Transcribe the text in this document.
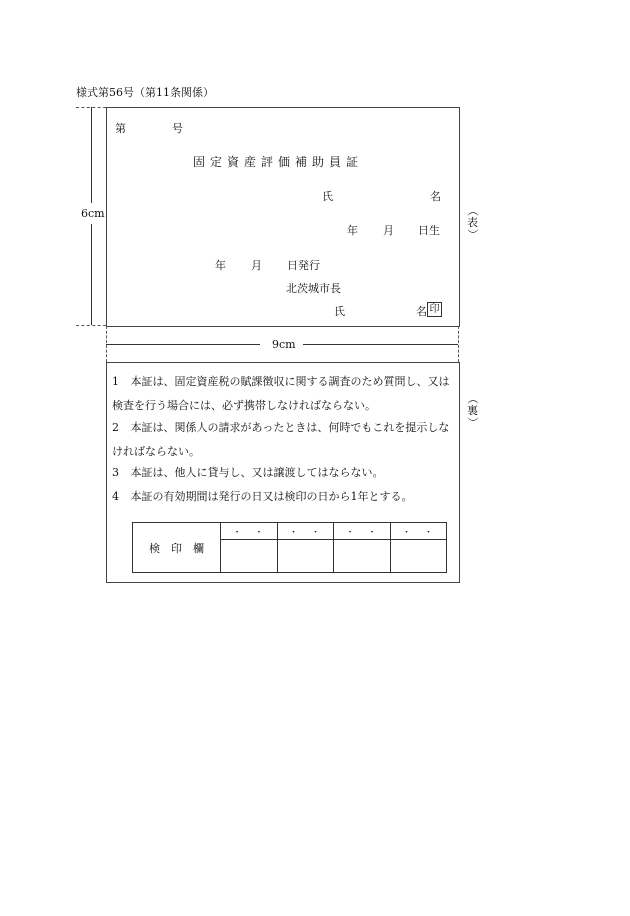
様式第56号（第11条関係）
6cm
第	号
固定資産評価補助員証
氏	名
年 月 日生
年 月 日発行
北茨城市長
氏	名 印
（
表
）
9cm
1 本証は、固定資産税の賦課徴収に関する調査のため質問し、又は検査を行う場合には、必ず携帯しなければならない。
2 本証は、関係人の請求があったときは、何時でもこれを提示しなければならない。
3 本証は、他人に貸与し、又は譲渡してはならない。
4 本証の有効期間は発行の日又は検印の日から1年とする。
（
裏
）
検　印　欄	・　・	・　・	・　・	・　・
